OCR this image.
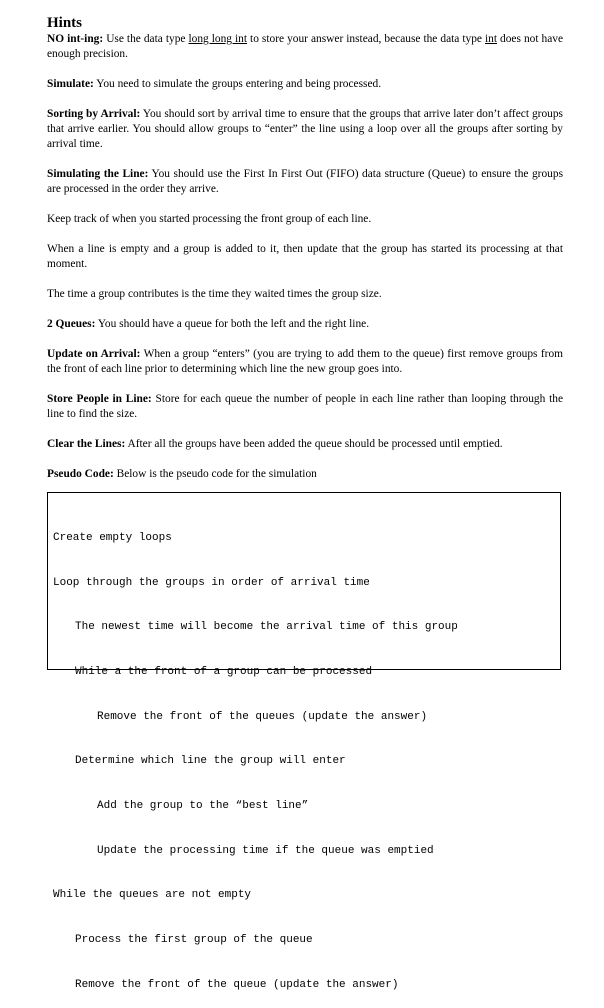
Hints

NO int-ing: Use the data type long long int to store your answer instead, because the data type int does not have enough precision.

Simulate: You need to simulate the groups entering and being processed.

Sorting by Arrival: You should sort by arrival time to ensure that the groups that arrive later don’t affect groups that arrive earlier. You should allow groups to “enter” the line using a loop over all the groups after sorting by arrival time.

Simulating the Line: You should use the First In First Out (FIFO) data structure (Queue) to ensure the groups are processed in the order they arrive.

Keep track of when you started processing the front group of each line.

When a line is empty and a group is added to it, then update that the group has started its processing at that moment.

The time a group contributes is the time they waited times the group size.

2 Queues: You should have a queue for both the left and the right line.

Update on Arrival: When a group “enters” (you are trying to add them to the queue) first remove groups from the front of each line prior to determining which line the new group goes into.

Store People in Line: Store for each queue the number of people in each line rather than looping through the line to find the size.

Clear the Lines: After all the groups have been added the queue should be processed until emptied.

Pseudo Code: Below is the pseudo code for the simulation

Create empty loops

Loop through the groups in order of arrival time

The newest time will become the arrival time of this group

While a the front of a group can be processed

Remove the front of the queues (update the answer)

Determine which line the group will enter

Add the group to the “best line”

Update the processing time if the queue was emptied

While the queues are not empty

Process the first group of the queue

Remove the front of the queue (update the answer)
